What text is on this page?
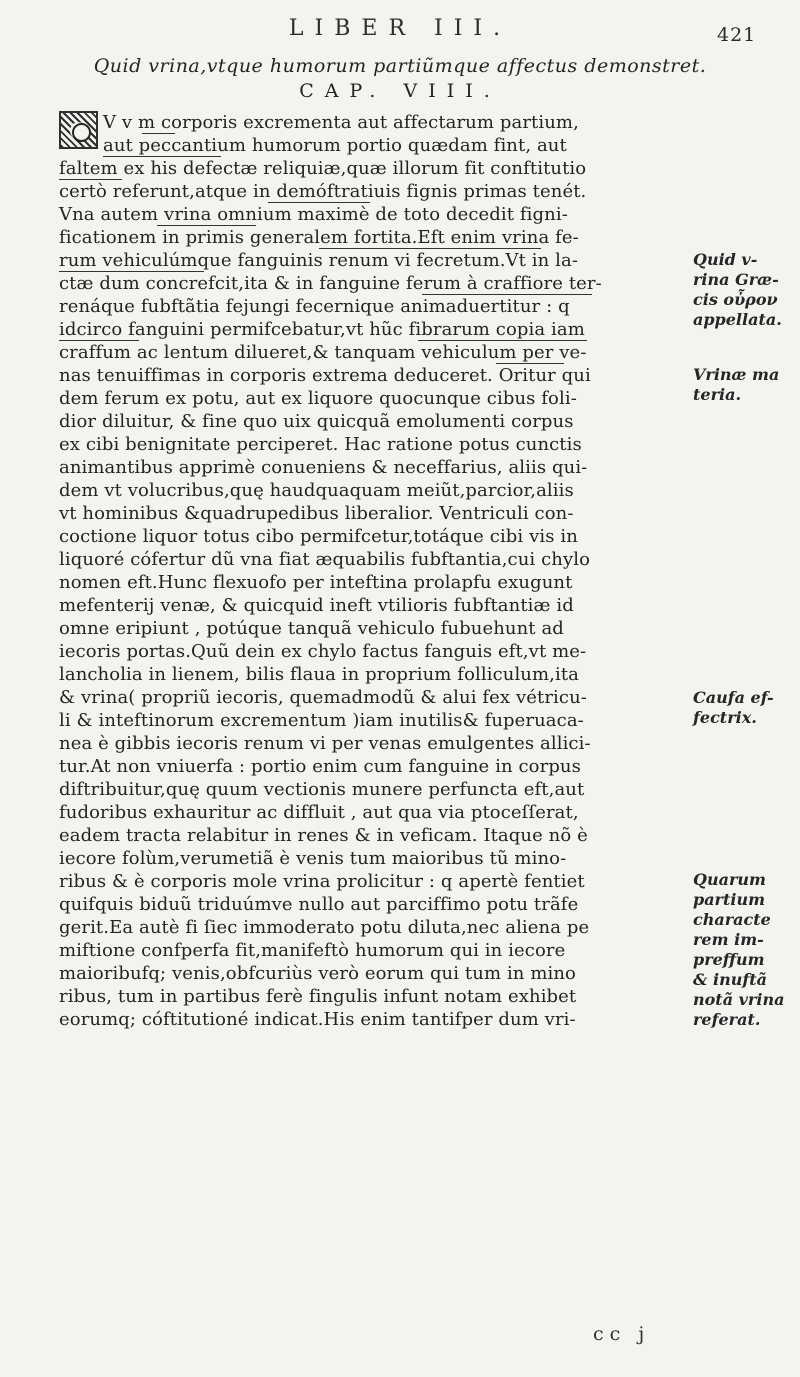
LIBER III.	421
Quid vrina,vtque humorum partiũmque affectus demonstret.
CAP. VIII.
V v m corporis excrementa aut affectarum partium,
aut peccantium humorum portio quædam fint, aut
faltem ex his defectæ reliquiæ,quæ illorum fit conftitutio
certò referunt,atque in demóftratiuis fignis primas tenét.
Vna autem vrina omnium maximè de toto decedit figni-
ficationem in primis generalem fortita.Eft enim vrina fe-
rum vehiculúmque fanguinis renum vi fecretum.Vt in la-
ctæ dum concrefcit,ita & in fanguine ferum à craffiore ter-
renáque fubftãtia fejungi fecernique animaduertitur : q
idcirco fanguini permifcebatur,vt hũc fibrarum copia iam
craffum ac lentum dilueret,& tanquam vehiculum per ve-
nas tenuiffimas in corporis extrema deduceret. Oritur qui
dem ferum ex potu, aut ex liquore quocunque cibus foli-
dior diluitur, & fine quo uix quicquã emolumenti corpus
ex cibi benignitate perciperet. Hac ratione potus cunctis
animantibus apprimè conueniens & neceffarius, aliis qui-
dem vt volucribus,quę haudquaquam meiũt,parcior,aliis
vt hominibus &quadrupedibus liberalior. Ventriculi con-
coctione liquor totus cibo permifcetur,totáque cibi vis in
liquoré cófertur dũ vna fiat æquabilis fubftantia,cui chylo
nomen eft.Hunc flexuofo per inteftina prolapfu exugunt
mefenterij venæ, & quicquid ineft vtilioris fubftantiæ id
omne eripiunt , potúque tanquã vehiculo fubuehunt ad
iecoris portas.Quũ dein ex chylo factus fanguis eft,vt me-
lancholia in lienem, bilis flaua in proprium folliculum,ita
& vrina( propriũ iecoris, quemadmodũ & alui fex vétricu-
li & inteftinorum excrementum )iam inutilis& fuperuaca-
nea è gibbis iecoris renum vi per venas emulgentes allici-
tur.At non vniuerfa : portio enim cum fanguine in corpus
diftribuitur,quę quum vectionis munere perfuncta eft,aut
fudoribus exhauritur ac diffluit , aut qua via ptoceſſerat,
eadem tracta relabitur in renes & in veficam. Itaque nõ è
iecore folùm,verumetiã è venis tum maioribus tũ mino-
ribus & è corporis mole vrina prolicitur : q apertè fentiet
quifquis biduũ triduúmve nullo aut parciffimo potu trãfe
gerit.Ea autè fi ſiec immoderato potu diluta,nec aliena pe
miftione confperfa fit,manifeftò humorum qui in iecore
maioribufq; venis,obfcuriùs verò eorum qui tum in mino
ribus, tum in partibus ferè fingulis infunt notam exhibet
eorumq; cóftitutioné indicat.His enim tantifper dum vri-
Quid v-
rina Græ-
cis οὖρον
appellata.
Vrinæ ma
teria.
Caufa ef-
fectrix.
Quarum
partium
characte
rem im-
preffum
& inuftã
notã vrina
referat.
cc j
